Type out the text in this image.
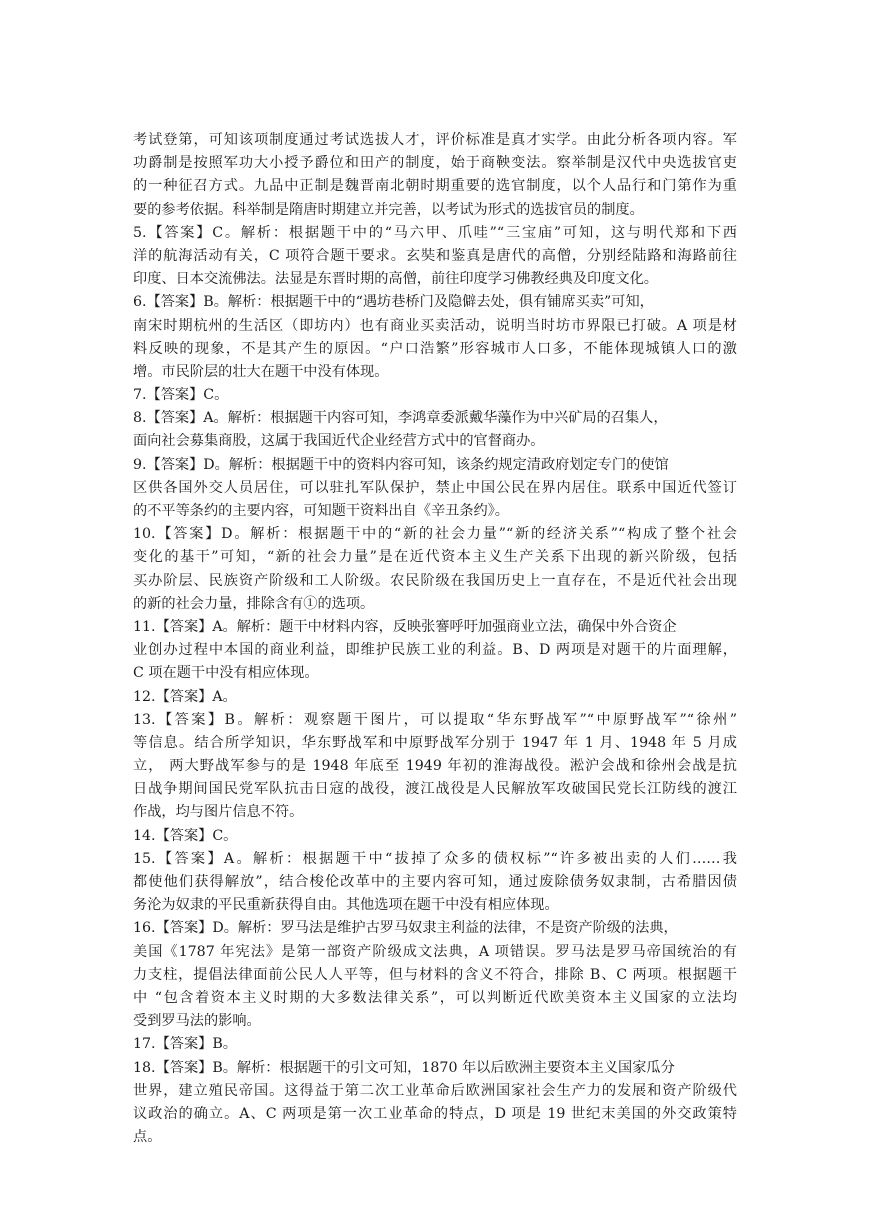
考试登第，可知该项制度通过考试选拔人才，评价标准是真才实学。由此分析各项内容。军
功爵制是按照军功大小授予爵位和田产的制度，始于商鞅变法。察举制是汉代中央选拔官吏
的一种征召方式。九品中正制是魏晋南北朝时期重要的选官制度，以个人品行和门第作为重
要的参考依据。科举制是隋唐时期建立并完善，以考试为形式的选拔官员的制度。
5.【答案】C。解析：根据题干中的“马六甲、爪哇”“三宝庙”可知，这与明代郑和下西
洋的航海活动有关，C 项符合题干要求。玄奘和鉴真是唐代的高僧，分别经陆路和海路前往
印度、日本交流佛法。法显是东晋时期的高僧，前往印度学习佛教经典及印度文化。
6.【答案】B。解析：根据题干中的“遇坊巷桥门及隐僻去处，俱有铺席买卖”可知，
南宋时期杭州的生活区（即坊内）也有商业买卖活动，说明当时坊市界限已打破。A 项是材
料反映的现象，不是其产生的原因。“户口浩繁”形容城市人口多，不能体现城镇人口的激
增。市民阶层的壮大在题干中没有体现。
7.【答案】C。
8.【答案】A。解析：根据题干内容可知，李鸿章委派戴华藻作为中兴矿局的召集人，
面向社会募集商股，这属于我国近代企业经营方式中的官督商办。
9.【答案】D。解析：根据题干中的资料内容可知，该条约规定清政府划定专门的使馆
区供各国外交人员居住，可以驻扎军队保护，禁止中国公民在界内居住。联系中国近代签订
的不平等条约的主要内容，可知题干资料出自《辛丑条约》。
10.【答案】D。解析：根据题干中的“新的社会力量”“新的经济关系”“构成了整个社会
变化的基干”可知，“新的社会力量”是在近代资本主义生产关系下出现的新兴阶级，包括
买办阶层、民族资产阶级和工人阶级。农民阶级在我国历史上一直存在，不是近代社会出现
的新的社会力量，排除含有①的选项。
11.【答案】A。解析：题干中材料内容，反映张謇呼吁加强商业立法，确保中外合资企
业创办过程中本国的商业利益，即维护民族工业的利益。B、D 两项是对题干的片面理解，
C 项在题干中没有相应体现。
12.【答案】A。
13.【答案】B。解析：观察题干图片，可以提取“华东野战军”“中原野战军”“徐州”
等信息。结合所学知识，华东野战军和中原野战军分别于 1947 年 1 月、1948 年 5 月成
立， 两大野战军参与的是 1948 年底至 1949 年初的淮海战役。淞沪会战和徐州会战是抗
日战争期间国民党军队抗击日寇的战役，渡江战役是人民解放军攻破国民党长江防线的渡江
作战，均与图片信息不符。
14.【答案】C。
15.【答案】A。解析：根据题干中“拔掉了众多的债权标”“许多被出卖的人们……我
都使他们获得解放”，结合梭伦改革中的主要内容可知，通过废除债务奴隶制，古希腊因债
务沦为奴隶的平民重新获得自由。其他选项在题干中没有相应体现。
16.【答案】D。解析：罗马法是维护古罗马奴隶主利益的法律，不是资产阶级的法典，
美国《1787 年宪法》是第一部资产阶级成文法典，A 项错误。罗马法是罗马帝国统治的有
力支柱，提倡法律面前公民人人平等，但与材料的含义不符合，排除 B、C 两项。根据题干
中 “包含着资本主义时期的大多数法律关系”，可以判断近代欧美资本主义国家的立法均
受到罗马法的影响。
17.【答案】B。
18.【答案】B。解析：根据题干的引文可知，1870 年以后欧洲主要资本主义国家瓜分
世界，建立殖民帝国。这得益于第二次工业革命后欧洲国家社会生产力的发展和资产阶级代
议政治的确立。A、C 两项是第一次工业革命的特点，D 项是 19 世纪末美国的外交政策特
点。
